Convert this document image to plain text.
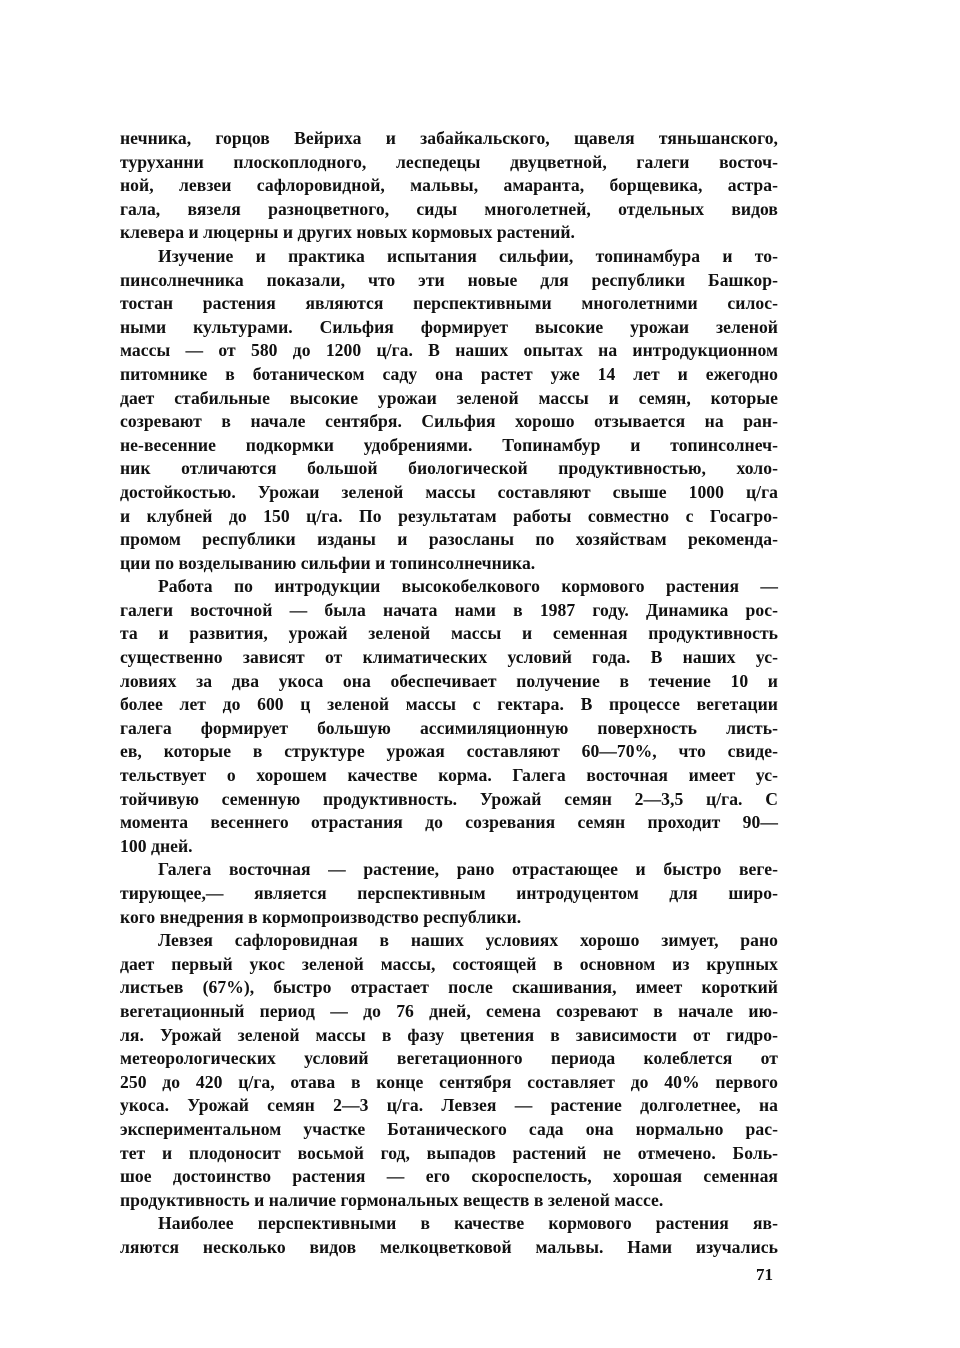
нечника, горцов Вейриха и забайкальского, щавеля тяньшанского,
туруханни плоскоплодного, леспедецы двуцветной, галеги восточ-
ной, левзеи сафлоровидной, мальвы, амаранта, борщевика, астра-
гала, вязеля разноцветного, сиды многолетней, отдельных видов
клевера и люцерны и других новых кормовых растений.
Изучение и практика испытания сильфии, топинамбура и то-
пинсолнечника показали, что эти новые для республики Башкор-
тостан растения являются перспективными многолетними силос-
ными культурами. Сильфия формирует высокие урожаи зеленой
массы — от 580 до 1200 ц/га. В наших опытах на интродукционном
питомнике в ботаническом саду она растет уже 14 лет и ежегодно
дает стабильные высокие урожаи зеленой массы и семян, которые
созревают в начале сентября. Сильфия хорошо отзывается на ран-
не-весенние подкормки удобрениями. Топинамбур и топинсолнеч-
ник отличаются большой биологической продуктивностью, холо-
достойкостью. Урожаи зеленой массы составляют свыше 1000 ц/га
и клубней до 150 ц/га. По результатам работы совместно с Госагро-
промом республики изданы и разосланы по хозяйствам рекоменда-
ции по возделыванию сильфии и топинсолнечника.
Работа по интродукции высокобелкового кормового растения —
галеги восточной — была начата нами в 1987 году. Динамика рос-
та и развития, урожай зеленой массы и семенная продуктивность
существенно зависят от климатических условий года. В наших ус-
ловиях за два укоса она обеспечивает получение в течение 10 и
более лет до 600 ц зеленой массы с гектара. В процессе вегетации
галега формирует большую ассимиляционную поверхность листь-
ев, которые в структуре урожая составляют 60—70%, что свиде-
тельствует о хорошем качестве корма. Галега восточная имеет ус-
тойчивую семенную продуктивность. Урожай семян 2—3,5 ц/га. С
момента весеннего отрастания до созревания семян проходит 90—
100 дней.
Галега восточная — растение, рано отрастающее и быстро веге-
тирующее,— является перспективным интродуцентом для широ-
кого внедрения в кормопроизводство республики.
Левзея сафлоровидная в наших условиях хорошо зимует, рано
дает первый укос зеленой массы, состоящей в основном из крупных
листьев (67%), быстро отрастает после скашивания, имеет короткий
вегетационный период — до 76 дней, семена созревают в начале ию-
ля. Урожай зеленой массы в фазу цветения в зависимости от гидро-
метеорологических условий вегетационного периода колеблется от
250 до 420 ц/га, отава в конце сентября составляет до 40% первого
укоса. Урожай семян 2—3 ц/га. Левзея — растение долголетнее, на
экспериментальном участке Ботанического сада она нормально рас-
тет и плодоносит восьмой год, выпадов растений не отмечено. Боль-
шое достоинство растения — его скороспелость, хорошая семенная
продуктивность и наличие гормональных веществ в зеленой массе.
Наиболее перспективными в качестве кормового растения яв-
ляются несколько видов мелкоцветковой мальвы. Нами изучались
71
